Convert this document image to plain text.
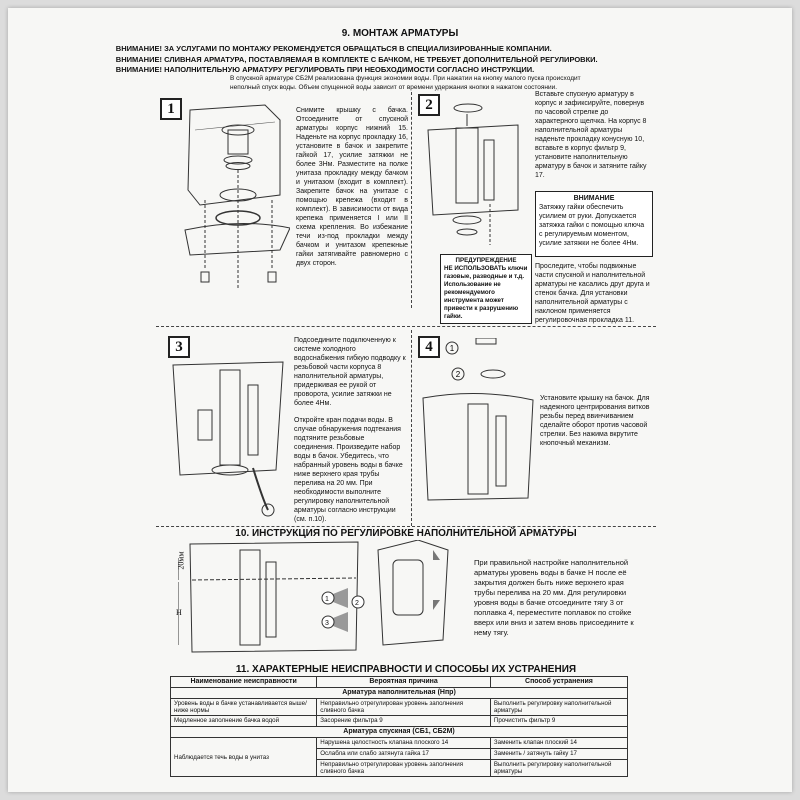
9. МОНТАЖ АРМАТУРЫ
ВНИМАНИЕ! ЗА УСЛУГАМИ ПО МОНТАЖУ РЕКОМЕНДУЕТСЯ ОБРАЩАТЬСЯ В СПЕЦИАЛИЗИРОВАННЫЕ КОМПАНИИ.
ВНИМАНИЕ! СЛИВНАЯ АРМАТУРА, ПОСТАВЛЯЕМАЯ В КОМПЛЕКТЕ С БАЧКОМ, НЕ ТРЕБУЕТ ДОПОЛНИТЕЛЬНОЙ РЕГУЛИРОВКИ.
ВНИМАНИЕ! НАПОЛНИТЕЛЬНУЮ АРМАТУРУ РЕГУЛИРОВАТЬ ПРИ НЕОБХОДИМОСТИ СОГЛАСНО ИНСТРУКЦИИ.
В спускной арматуре СБ2М реализована функция экономии воды. При нажатии на кнопку малого пуска происходит
неполный спуск воды. Объем спущенной воды зависит от времени удержания кнопки в нажатом состоянии.
1	Снимите крышку с бачка. Отсоедините от спускной арматуры корпус нижний 15. Наденьте на корпус прокладку 16, установите в бачок и закрепите гайкой 17, усилие затяжки не более 3Нм. Разместите на полке унитаза прокладку между бачком и унитазом (входит в комплект). Закрепите бачок на унитазе с помощью крепежа (входит в комплект). В зависимости от вида крепежа применяется I или II схема крепления. Во избежание течи из-под прокладки между бачком и унитазом крепежные гайки затягивайте равномерно с двух сторон.
2
Вставьте спускную арматуру в корпус и зафиксируйте, повернув по часовой стрелке до характерного щелчка. На корпус 8 наполнительной арматуры наденьте прокладку конусную 10, вставьте в корпус фильтр 9, установите наполнительную арматуру в бачок и затяните гайку 17.
ВНИМАНИЕ
Затяжку гайки обеспечить усилием от руки. Допускается затяжка гайки с помощью ключа с регулируемым моментом, усилие затяжки не более 4Нм.
ПРЕДУПРЕЖДЕНИЕ
НЕ ИСПОЛЬЗОВАТЬ ключи газовые, разводные и т.д. Использование не рекомендуемого инструмента может привести к разрушению гайки.
Проследите, чтобы подвижные части спускной и наполнительной арматуры не касались друг друга и стенок бачка. Для установки наполнительной арматуры с наклоном применяется регулировочная прокладка 11.
3	Подсоедините подключенную к системе холодного водоснабжения гибкую подводку к резьбовой части корпуса 8 наполнительной арматуры, придерживая ее рукой от проворота, усилие затяжки не более 4Нм.
Откройте кран подачи воды. В случае обнаружения подтекания подтяните резьбовые соединения. Произведите набор воды в бачок. Убедитесь, что набранный уровень воды в бачке ниже верхнего края трубы перелива на 20 мм. При необходимости выполните регулировку наполнительной арматуры согласно инструкции (см. п.10).
4	1
2
Установите крышку на бачок. Для надежного центрирования витков резьбы перед ввинчиванием сделайте оборот против часовой стрелки. Без нажима вкрутите кнопочный механизм.
10. ИНСТРУКЦИЯ ПО РЕГУЛИРОВКЕ НАПОЛНИТЕЛЬНОЙ АРМАТУРЫ
20мм
H
1
2
3
При правильной настройке наполнительной арматуры уровень воды в бачке Н после её закрытия должен быть ниже верхнего края трубы перелива на 20 мм. Для регулировки уровня воды в бачке отсоедините тягу 3 от поплавка 4, переместите поплавок по стойке вверх или вниз и затем вновь присоедините к нему тягу.
11. ХАРАКТЕРНЫЕ НЕИСПРАВНОСТИ И СПОСОБЫ ИХ УСТРАНЕНИЯ
Наименование неисправности	Вероятная причина	Способ устранения
Арматура наполнительная (Нпр)		
Уровень воды в бачке устанавливается выше/ниже нормы	Неправильно отрегулирован уровень заполнения сливного бачка	Выполнить регулировку наполнительной арматуры
Медленное заполнение бачка водой	Засорение фильтра 9	Прочистить фильтр 9
Арматура спускная (СБ1, СБ2М)		
Наблюдается течь воды в унитаз	Нарушена целостность клапана плоского 14	Заменить клапан плоский 14
	Ослабла или слабо затянута гайка 17	Заменить / затянуть гайку 17
	Неправильно отрегулирован уровень заполнения сливного бачка	Выполнить регулировку наполнительной арматуры
